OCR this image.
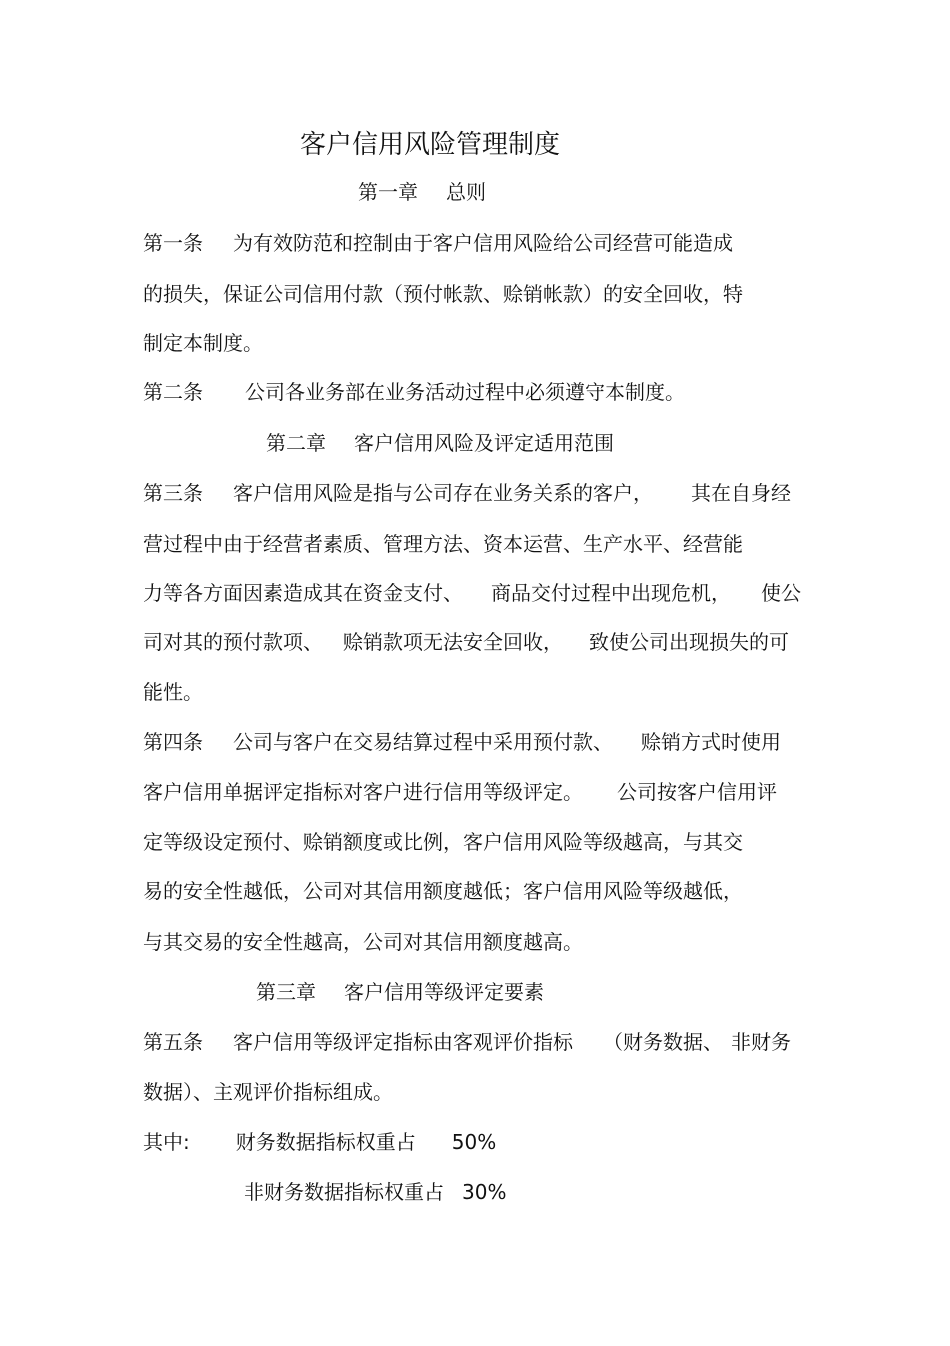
客户信用风险管理制度
第一章 总则
第一条 为有效防范和控制由于客户信用风险给公司经营可能造成
的损失，保证公司信用付款（预付帐款、赊销帐款）的安全回收，特
制定本制度。
第二条 公司各业务部在业务活动过程中必须遵守本制度。
第二章 客户信用风险及评定适用范围
第三条 客户信用风险是指与公司存在业务关系的客户， 其在自身经
营过程中由于经营者素质、管理方法、资本运营、生产水平、经营能
力等各方面因素造成其在资金支付、 商品交付过程中出现危机， 使公
司对其的预付款项、 赊销款项无法安全回收， 致使公司出现损失的可
能性。
第四条 公司与客户在交易结算过程中采用预付款、 赊销方式时使用
客户信用单据评定指标对客户进行信用等级评定。 公司按客户信用评
定等级设定预付、赊销额度或比例，客户信用风险等级越高，与其交
易的安全性越低，公司对其信用额度越低；客户信用风险等级越低，
与其交易的安全性越高，公司对其信用额度越高。
第三章 客户信用等级评定要素
第五条 客户信用等级评定指标由客观评价指标 （财务数据、 非财务
数据）、主观评价指标组成。
其中: 财务数据指标权重占 50%
非财务数据指标权重占 30%
